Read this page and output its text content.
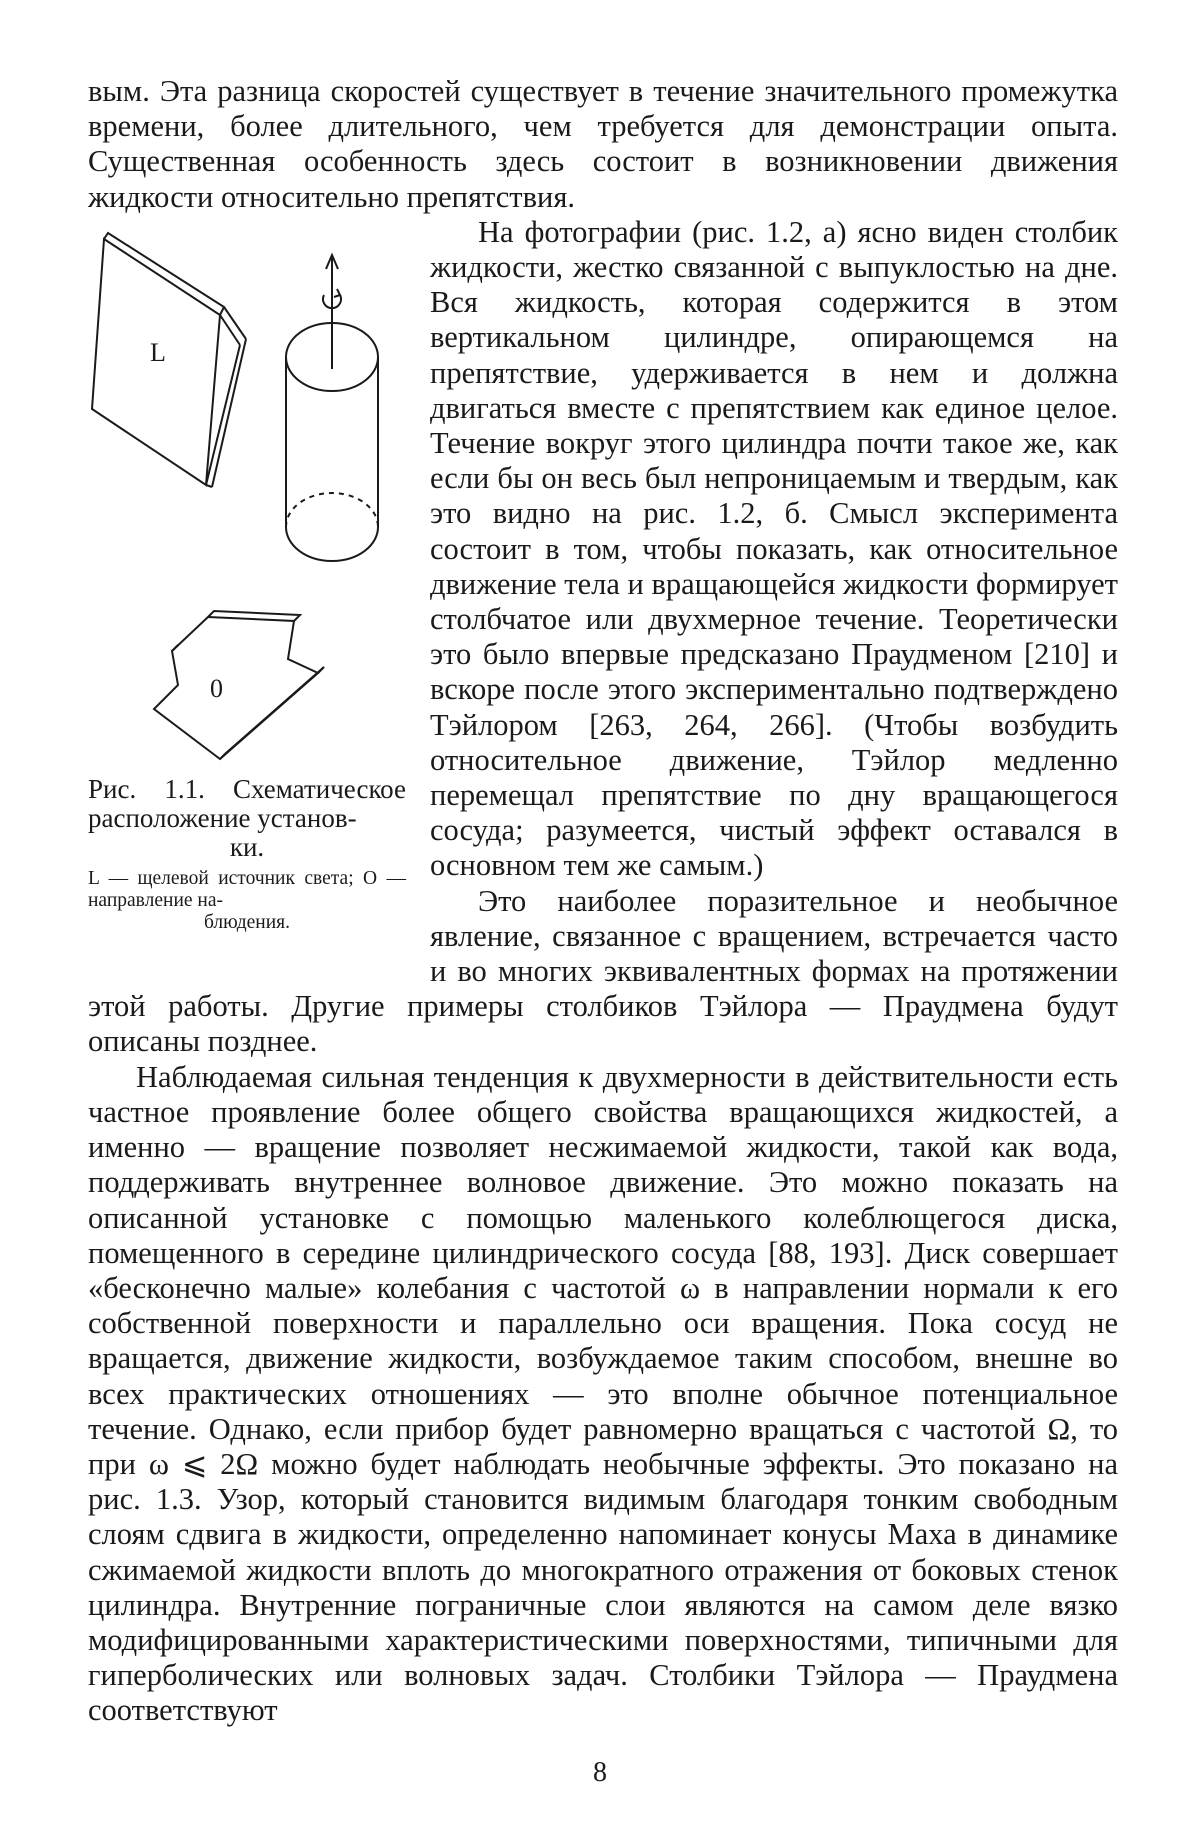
вым. Эта разница скоростей существует в течение значительного промежутка времени, более длительного, чем требуется для демонстрации опыта. Существенная особенность здесь состоит в возникновении движения жидкости относительно препятствия.

L
0
Рис. 1.1. Схематическое расположение установ-
ки.
L — щелевой источник света; O — направление на-
блюдения.
На фотографии (рис. 1.2, а) ясно виден столбик жидкости, жестко связанной с выпуклостью на дне. Вся жидкость, которая содержится в этом вертикальном цилиндре, опирающемся на препятствие, удерживается в нем и должна двигаться вместе с препятствием как единое целое. Течение вокруг этого цилиндра почти такое же, как если бы он весь был непроницаемым и твердым, как это видно на рис. 1.2, б. Смысл эксперимента состоит в том, чтобы показать, как относительное движение тела и вращающейся жидкости формирует столбчатое или двухмерное течение. Теоретически это было впервые предсказано Праудменом [210] и вскоре после этого экспериментально подтверждено Тэйлором [263, 264, 266]. (Чтобы возбудить относительное движение, Тэйлор медленно перемещал препятствие по дну вращающегося сосуда; разумеется, чистый эффект оставался в основном тем же самым.)

Это наиболее поразительное и необычное явление, связанное с вращением, встречается часто и во многих эквивалентных формах на протяжении этой работы. Другие примеры столбиков Тэйлора — Праудмена будут описаны позднее.

Наблюдаемая сильная тенденция к двухмерности в действительности есть частное проявление более общего свойства вращающихся жидкостей, а именно — вращение позволяет несжимаемой жидкости, такой как вода, поддерживать внутреннее волновое движение. Это можно показать на описанной установке с помощью маленького колеблющегося диска, помещенного в середине цилиндрического сосуда [88, 193]. Диск совершает «бесконечно малые» колебания с частотой ω в направлении нормали к его собственной поверхности и параллельно оси вращения. Пока сосуд не вращается, движение жидкости, возбуждаемое таким способом, внешне во всех практических отношениях — это вполне обычное потенциальное течение. Однако, если прибор будет равномерно вращаться с частотой Ω, то при ω ⩽ 2Ω можно будет наблюдать необычные эффекты. Это показано на рис. 1.3. Узор, который становится видимым благодаря тонким свободным слоям сдвига в жидкости, определенно напоминает конусы Маха в динамике сжимаемой жидкости вплоть до многократного отражения от боковых стенок цилиндра. Внутренние пограничные слои являются на самом деле вязко модифицированными характеристическими поверхностями, типичными для гиперболических или волновых задач. Столбики Тэйлора — Праудмена соответствуют

8
